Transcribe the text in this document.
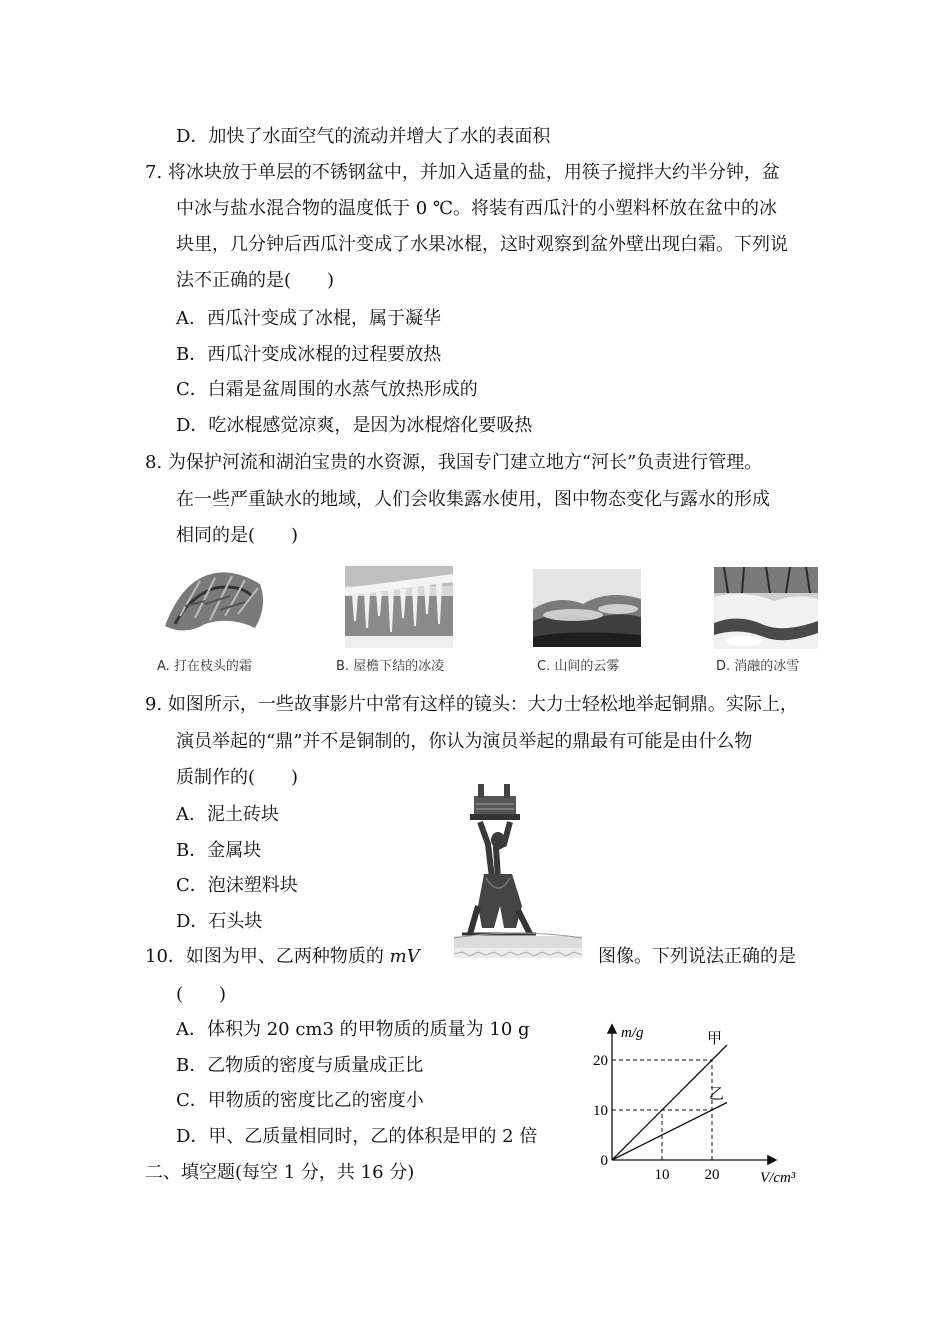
D．加快了水面空气的流动并增大了水的表面积
7. 将冰块放于单层的不锈钢盆中，并加入适量的盐，用筷子搅拌大约半分钟，盆
中冰与盐水混合物的温度低于 0 ℃。将装有西瓜汁的小塑料杯放在盆中的冰
块里，几分钟后西瓜汁变成了水果冰棍，这时观察到盆外壁出现白霜。下列说
法不正确的是(　　)
A．西瓜汁变成了冰棍，属于凝华
B．西瓜汁变成冰棍的过程要放热
C．白霜是盆周围的水蒸气放热形成的
D．吃冰棍感觉凉爽，是因为冰棍熔化要吸热
8. 为保护河流和湖泊宝贵的水资源，我国专门建立地方“河长”负责进行管理。
在一些严重缺水的地域，人们会收集露水使用，图中物态变化与露水的形成
相同的是(　　)
A. 打在枝头的霜	B. 屋檐下结的冰凌	C. 山间的云雾	D. 消融的冰雪
9. 如图所示，一些故事影片中常有这样的镜头：大力士轻松地举起铜鼎。实际上，
演员举起的“鼎”并不是铜制的，你认为演员举起的鼎最有可能是由什么物
质制作的(　　)
A．泥土砖块
B．金属块
C．泡沫塑料块
D．石头块
10．如图为甲、乙两种物质的 mV	图像。下列说法正确的是
(　　)
A．体积为 20 cm3 的甲物质的质量为 10 g
B．乙物质的密度与质量成正比
C．甲物质的密度比乙的密度小
D．甲、乙质量相同时，乙的体积是甲的 2 倍
二、填空题(每空 1 分，共 16 分)
甲
乙
10 20
0
10
20
m/g
V/cm³
